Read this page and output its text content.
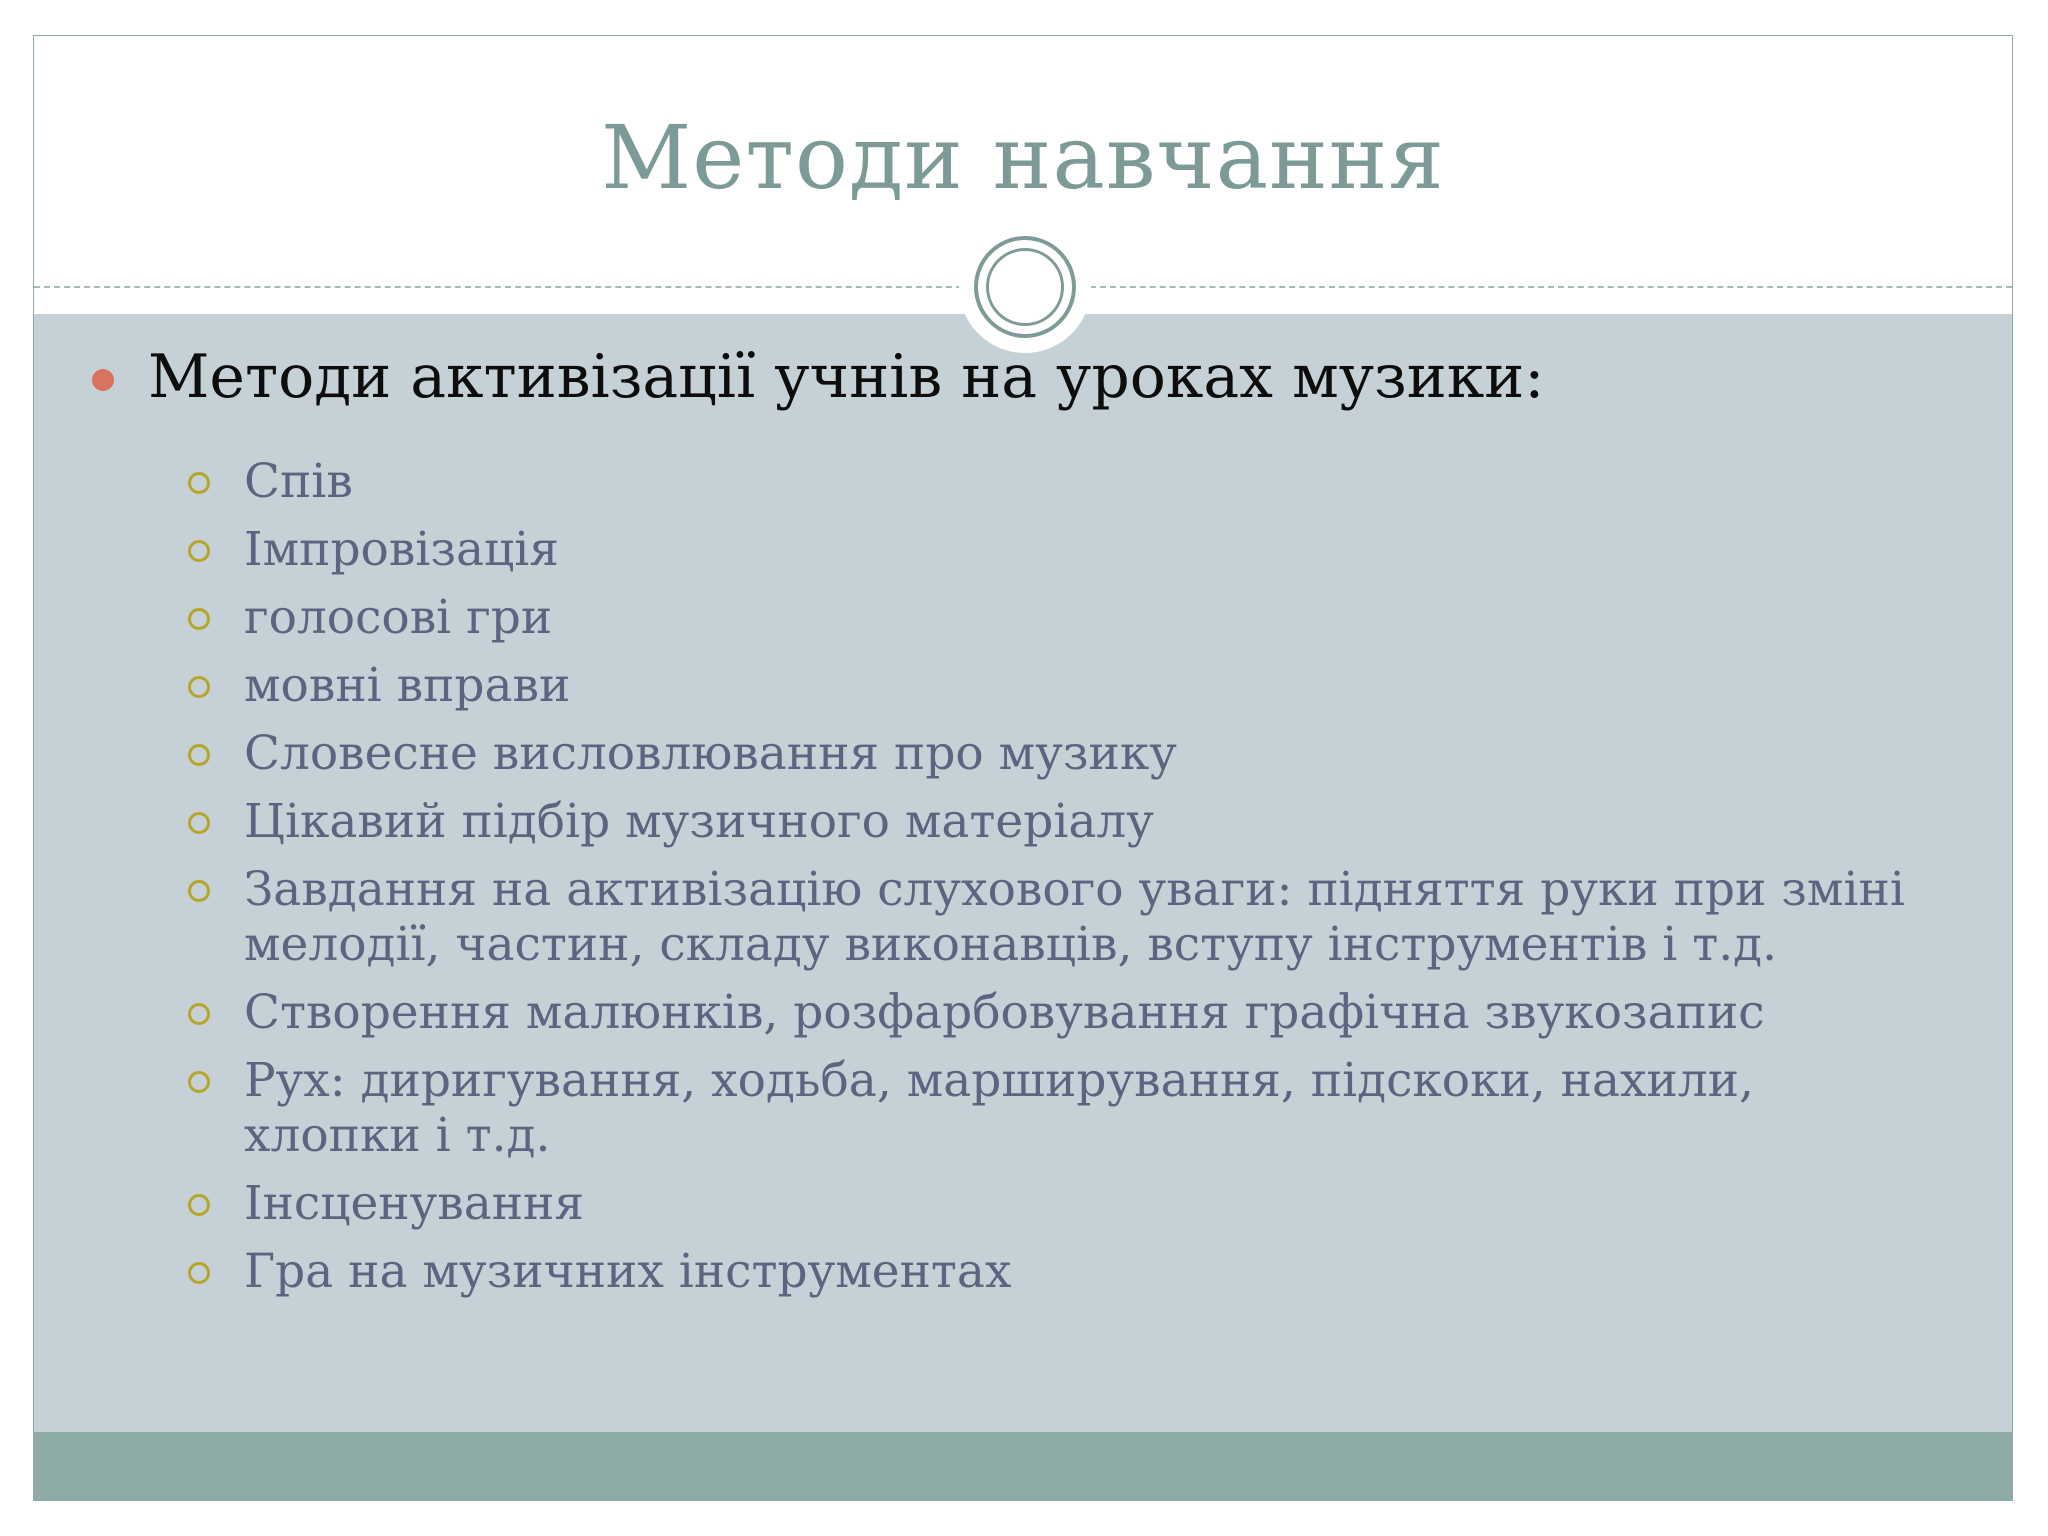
Методи навчання
Методи активізації учнів на уроках музики:
Спів
Імпровізація
голосові гри
мовні вправи
Словесне висловлювання про музику
Цікавий підбір музичного матеріалу
Завдання на активізацію слухового уваги: підняття руки при зміні мелодії, частин, складу виконавців, вступу інструментів і т.д.
Створення малюнків, розфарбовування графічна звукозапис
Рух: диригування, ходьба, марширування, підскоки, нахили, хлопки і т.д.
Інсценування
Гра на музичних інструментах
